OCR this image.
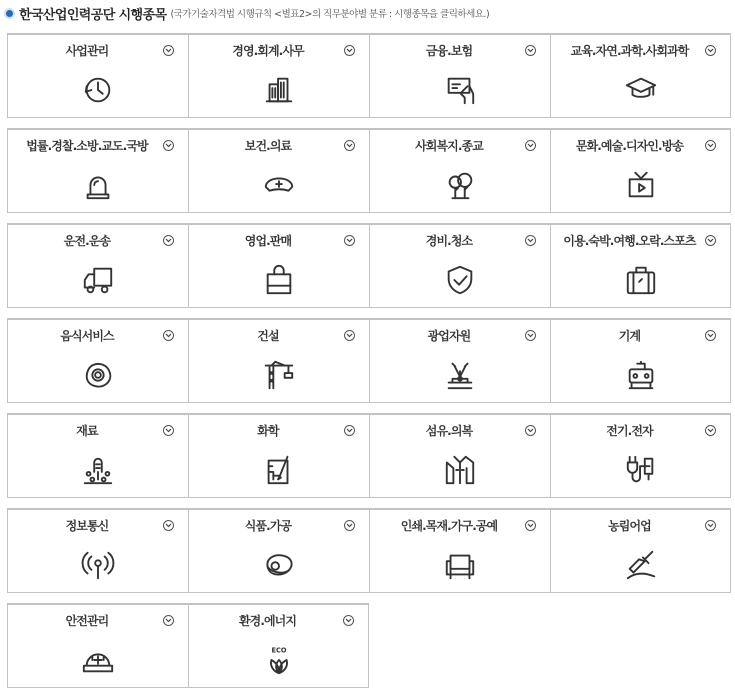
한국산업인력공단 시행종목 (국가기술자격법 시행규칙 <별표2>의 직무분야별 분류 : 시행종목을 클릭하세요.)
사업관리	경영.회계.사무	금융.보험	교육.자연.과학.사회과학
법률.경찰.소방.교도.국방	보건.의료	사회복지.종교	문화.예술.디자인.방송
운전.운송	영업.판매	경비.청소	이용.숙박.여행.오락.스포츠
음식서비스	건설	광업자원	기계
재료	화학	섬유.의복	전기.전자
정보통신	식품.가공	인쇄.목재.가구.공예	농림어업
안전관리	환경.에너지
ECO
